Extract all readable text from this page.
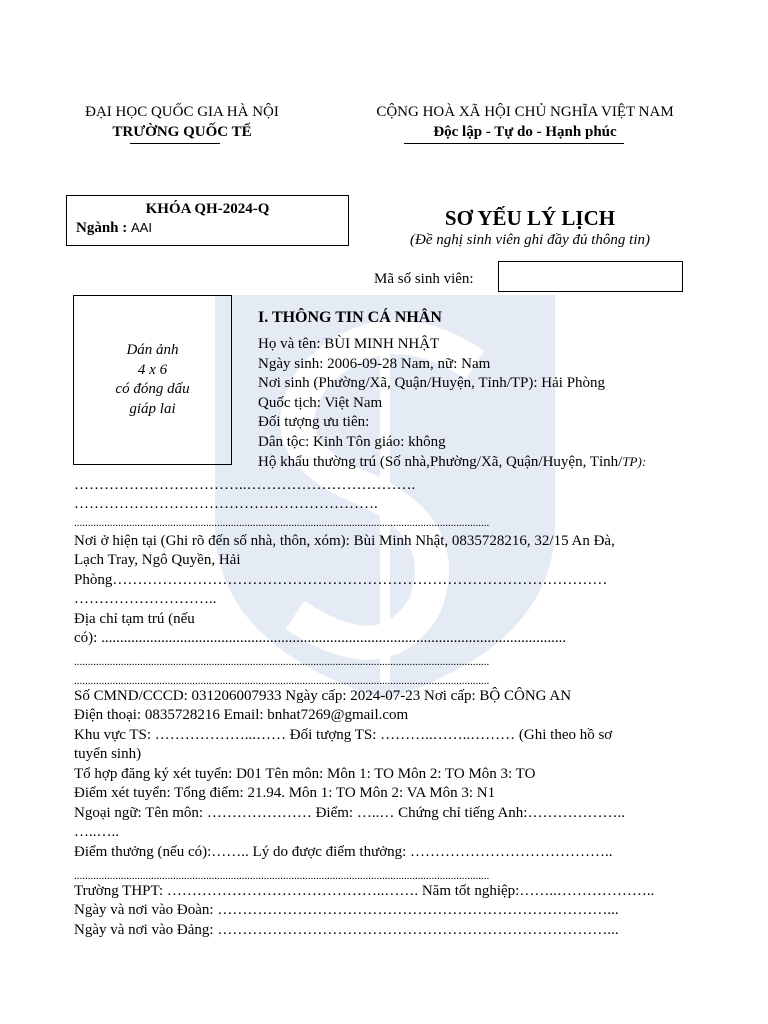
ĐẠI HỌC QUỐC GIA HÀ NỘI
TRƯỜNG QUỐC TẾ
CỘNG HOÀ XÃ HỘI CHỦ NGHĨA VIỆT NAM
Độc lập - Tự do - Hạnh phúc
KHÓA QH-2024-Q
Ngành : AAI	SƠ YẾU LÝ LỊCH
(Đề nghị sinh viên ghi đầy đủ thông tin)
Mã số sinh viên:
Dán ảnh
4 x 6
có đóng dấu
giáp lai
I. THÔNG TIN CÁ NHÂN
Họ và tên: BÙI MINH NHẬT
Ngày sinh: 2006-09-28 Nam, nữ: Nam
Nơi sinh (Phường/Xã, Quận/Huyện, Tỉnh/TP): Hải Phòng
Quốc tịch: Việt Nam
Đối tượng ưu tiên:
Dân tộc: Kinh Tôn giáo: không
Hộ khẩu thường trú (Số nhà,Phường/Xã, Quận/Huyện, Tỉnh/TP):
……………………………..…………………………….
…………………………………………………….
.......................................................................................................................................................
Nơi ở hiện tại (Ghi rõ đến số nhà, thôn, xóm): Bùi Minh Nhật, 0835728216, 32/15 An Đà,
Lạch Tray, Ngô Quyền, Hải
Phòng………………………………………………………………………………………
………………………..
Địa chỉ tạm trú (nếu
có): ............................................................................................................................
.......................................................................................................................................................
.......................................................................................................................................................
Số CMND/CCCD: 031206007933 Ngày cấp: 2024-07-23 Nơi cấp: BỘ CÔNG AN
Điện thoại: 0835728216 Email: bnhat7269@gmail.com
Khu vực TS: ………………...…… Đối tượng TS: ………..……..……… (Ghi theo hồ sơ
tuyển sinh)
Tổ hợp đăng ký xét tuyển: D01 Tên môn: Môn 1: TO Môn 2: TO Môn 3: TO
Điểm xét tuyển: Tổng điểm: 21.94. Môn 1: TO Môn 2: VA Môn 3: N1
Ngoại ngữ: Tên môn: ………………… Điểm: …..… Chứng chỉ tiếng Anh:………………..
…..…..
Điểm thưởng (nếu có):…….. Lý do được điểm thưởng: …………………………………..
.......................................................................................................................................................
Trường THPT: ……………………………………..……. Năm tốt nghiệp:……..………………..
Ngày và nơi vào Đoàn: ……………………………………………………………………...
Ngày và nơi vào Đảng: ……………………………………………………………………...
